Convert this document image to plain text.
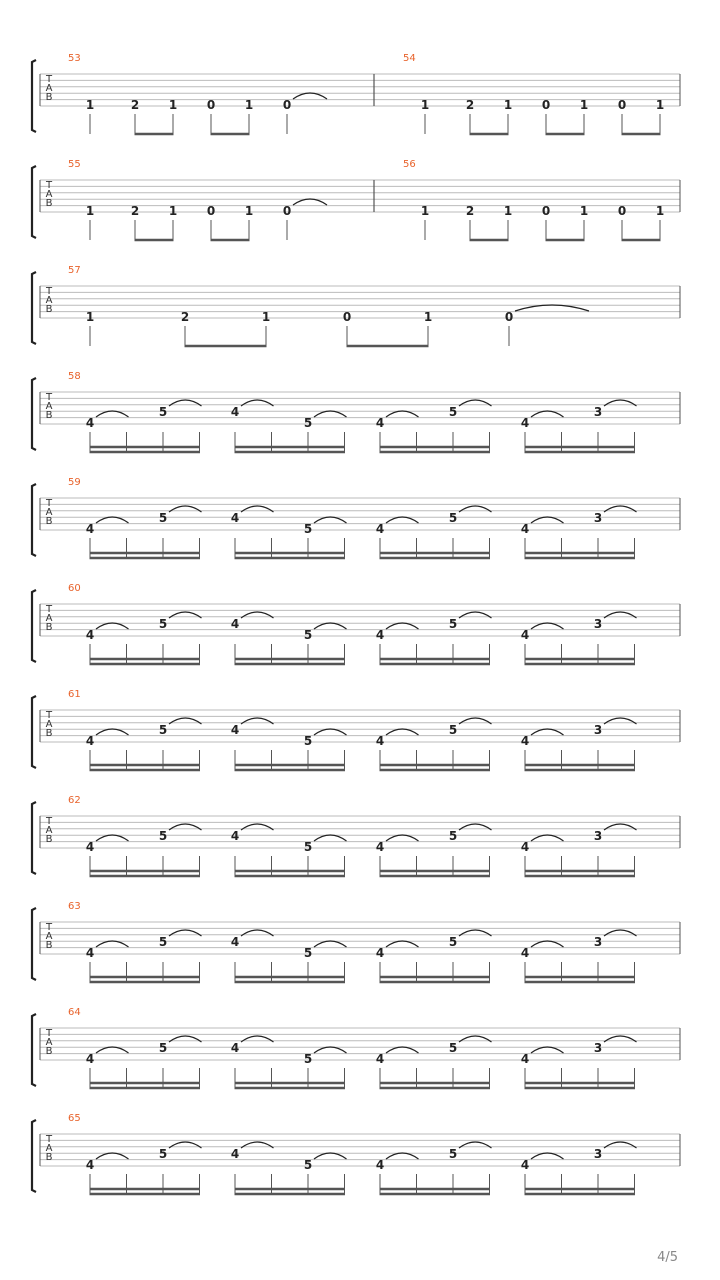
T
A
B
53
1	2 1 0 1 0
54
1	2 1 0 1 0 1
T
A
B
55
1	2 1 0 1 0
56
1	2 1 0 1 0 1
T
A
B
57
1	2	1	0	1	0
T
A
B
58
4
5	4
5	4
5
4
3
T
A
B
59
4
5	4
5	4
5
4
3
T
A
B
60
4
5	4
5	4
5
4
3
T
A
B
61
4
5	4
5	4
5
4
3
T
A
B
62
4
5	4
5	4
5
4
3
T
A
B
63
4
5	4
5	4
5
4
3
T
A
B
64
4
5	4
5	4
5
4
3
T
A
B
65
4
5	4
5	4
5
4
3
4/5
